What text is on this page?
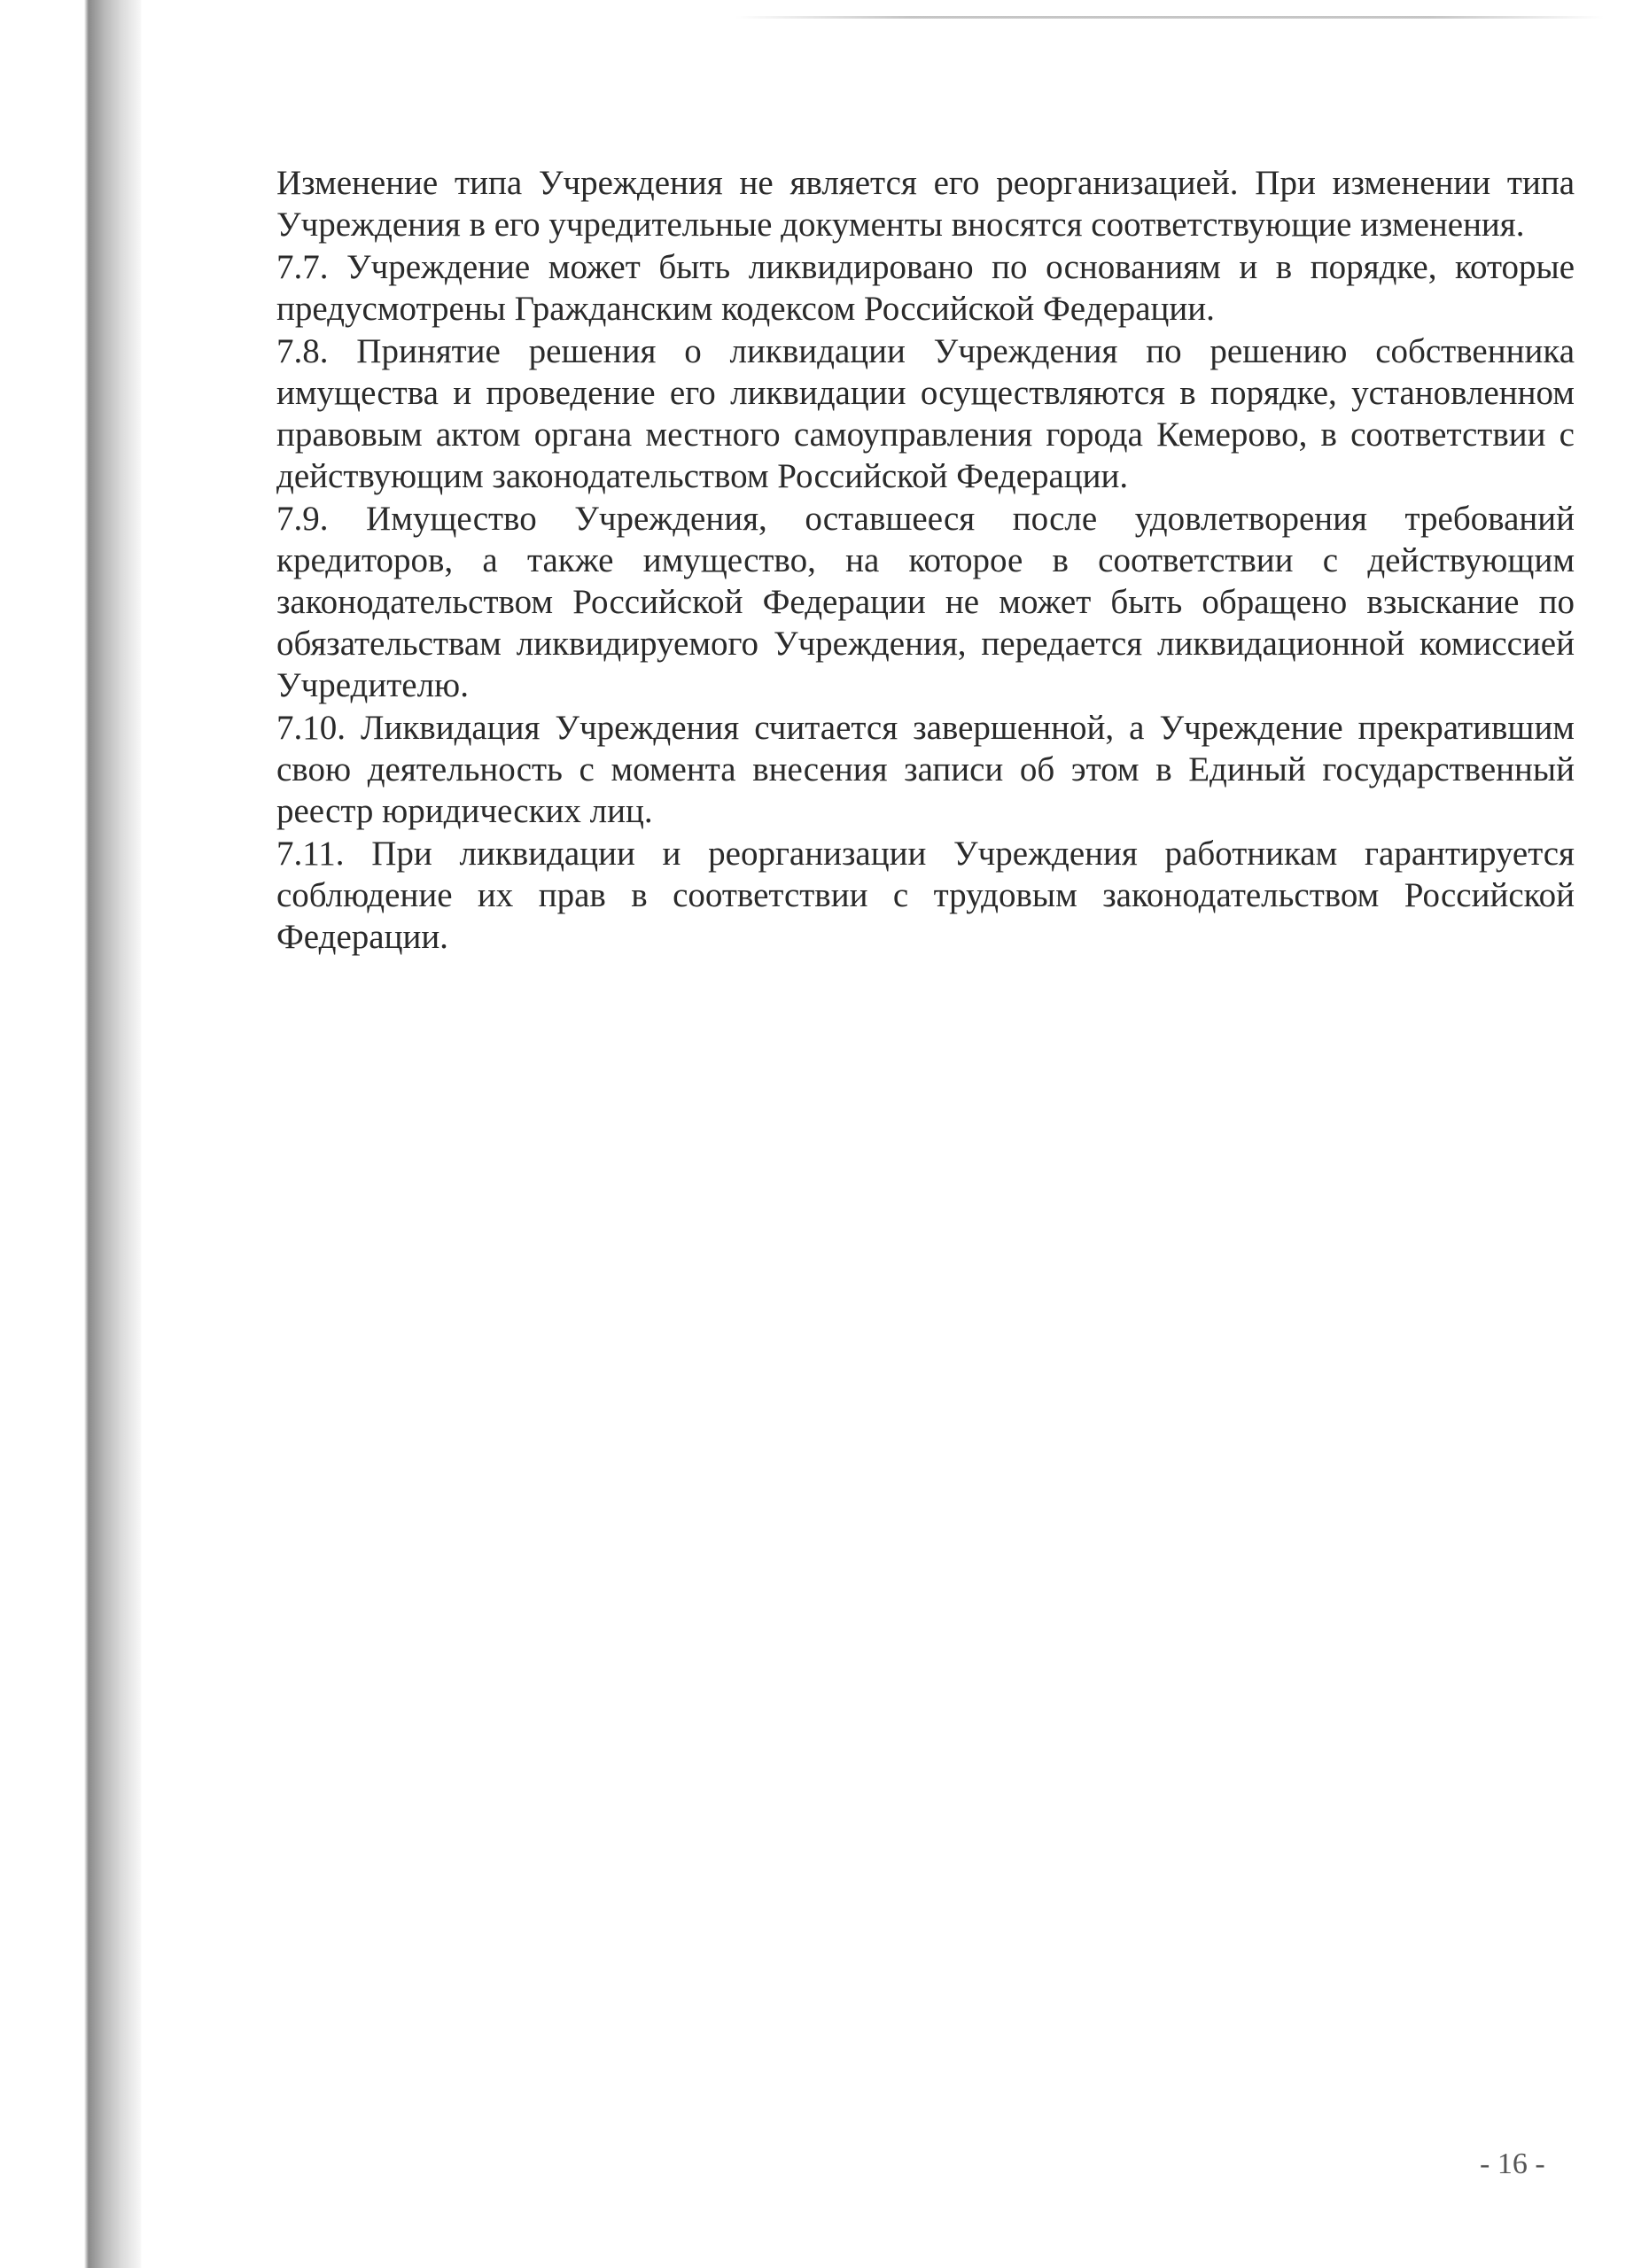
Изменение типа Учреждения не является его реорганизацией. При изменении типа Учреждения в его учредительные документы вносятся соответствующие изменения.

7.7. Учреждение может быть ликвидировано по основаниям и в порядке, которые предусмотрены Гражданским кодексом Российской Федерации.

7.8. Принятие решения о ликвидации Учреждения по решению собственника имущества и проведение его ликвидации осуществляются в порядке, установленном правовым актом органа местного самоуправления города Кемерово, в соответствии с действующим законодательством Российской Федерации.

7.9. Имущество Учреждения, оставшееся после удовлетворения требований кредиторов, а также имущество, на которое в соответствии с действующим законодательством Российской Федерации не может быть обращено взыскание по обязательствам ликвидируемого Учреждения, передается ликвидационной комиссией Учредителю.

7.10. Ликвидация Учреждения считается завершенной, а Учреждение прекратившим свою деятельность с момента внесения записи об этом в Единый государственный реестр юридических лиц.

7.11. При ликвидации и реорганизации Учреждения работникам гарантируется соблюдение их прав в соответствии с трудовым законодательством Российской Федерации.

- 16 -
